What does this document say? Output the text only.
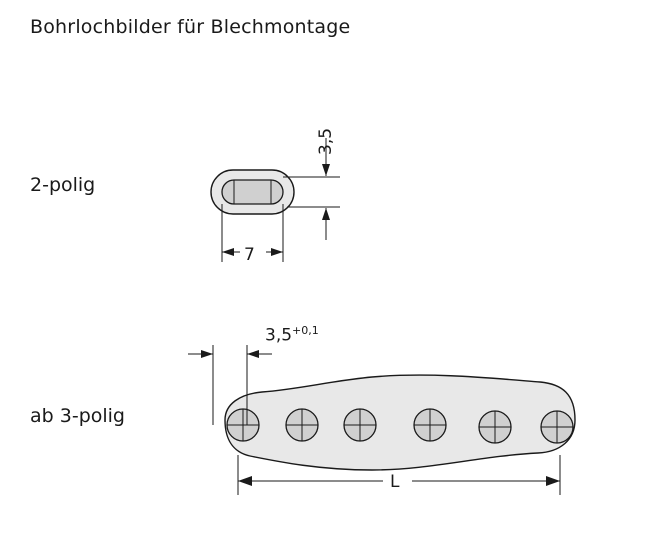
Bohrlochbilder für Blechmontage
2-polig
ab 3-polig
3,5
7
$3,5^{+0,1}$
L
